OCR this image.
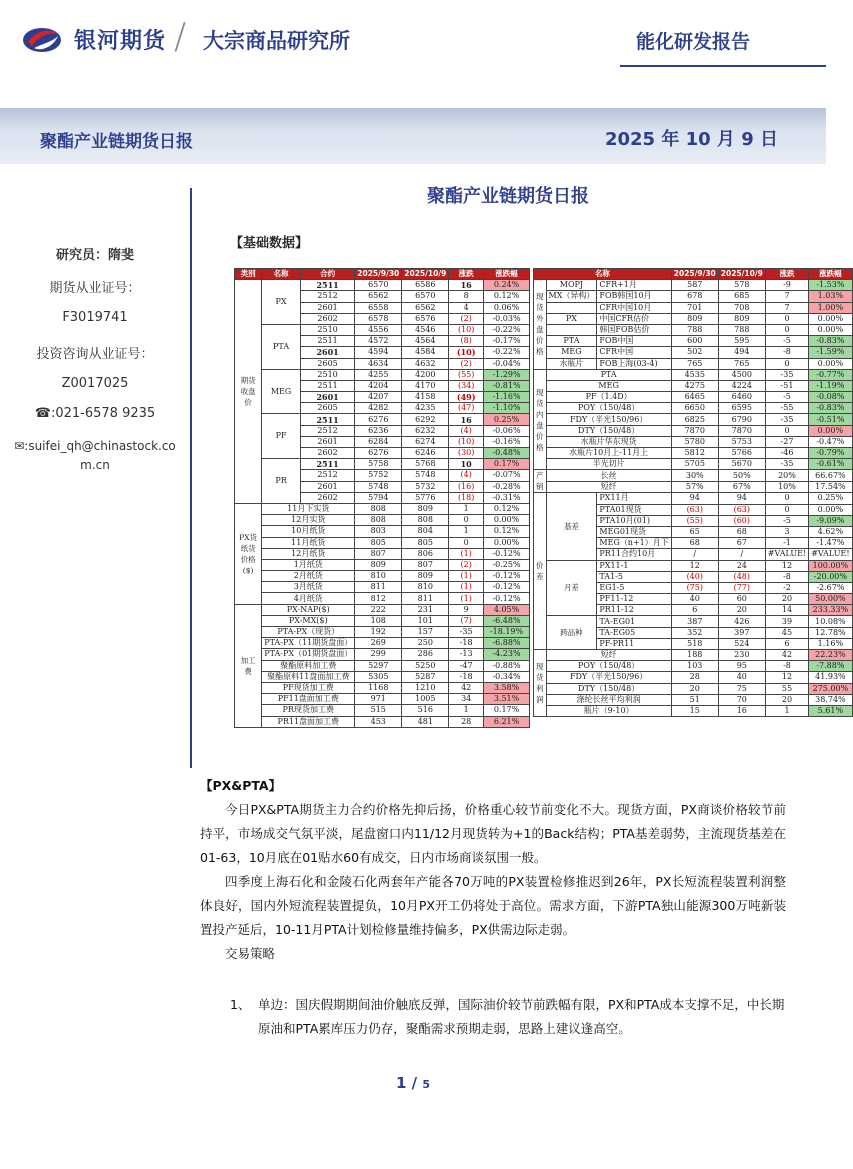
银河期货 / 大宗商品研究所	能化研发报告
聚酯产业链期货日报	2025 年 10 月 9 日
研究员：隋斐
期货从业证号：
F3019741
投资咨询从业证号：
Z0017025
☎:021-6578 9235
✉:suifei_qh@chinastock.co
m.cn
聚酯产业链期货日报
【基础数据】
类别	名称	合约	2025/9/30	2025/10/9	涨跌	涨跌幅
期货收盘价	PX	2511	6570	6586	16	0.24%
		2512	6562	6570	8	0.12%
		2601	6558	6562	4	0.06%
		2602	6578	6576	(2)	-0.03%
	PTA	2510	4556	4546	(10)	-0.22%
		2511	4572	4564	(8)	-0.17%
		2601	4594	4584	(10)	-0.22%
		2605	4634	4632	(2)	-0.04%
	MEG	2510	4255	4200	(55)	-1.29%
		2511	4204	4170	(34)	-0.81%
		2601	4207	4158	(49)	-1.16%
		2605	4282	4235	(47)	-1.10%
	PF	2511	6276	6292	16	0.25%
		2512	6236	6232	(4)	-0.06%
		2601	6284	6274	(10)	-0.16%
		2602	6276	6246	(30)	-0.48%
	PR	2511	5758	5768	10	0.17%
		2512	5752	5748	(4)	-0.07%
		2601	5748	5732	(16)	-0.28%
		2602	5794	5776	(18)	-0.31%
PX货纸货价格($)	11月下实货		808	809	1	0.12%
	12月实货		808	808	0	0.00%
	10月纸货		803	804	1	0.12%
	11月纸货		805	805	0	0.00%
	12月纸货		807	806	(1)	-0.12%
	1月纸货		809	807	(2)	-0.25%
	2月纸货		810	809	(1)	-0.12%
	3月纸货		811	810	(1)	-0.12%
	4月纸货		812	811	(1)	-0.12%
加工费	PX-NAP($)		222	231	9	4.05%
	PX-MX($)		108	101	(7)	-6.48%
	PTA-PX（现货）		192	157	-35	-18.19%
	PTA-PX（11期货盘面）		269	250	-18	-6.88%
	PTA-PX（01期货盘面）		299	286	-13	-4.23%
	聚酯原料加工费		5297	5250	-47	-0.88%
	聚酯原料11盘面加工费		5305	5287	-18	-0.34%
	PF现货加工费		1168	1210	42	3.58%
	PF11盘面加工费		971	1005	34	3.51%
	PR现货加工费		515	516	1	0.17%
	PR11盘面加工费		453	481	28	6.21%
名称			2025/9/30	2025/10/9	涨跌	涨跌幅
现货外盘价格	MOPJ	CFR+1月	587	578	-9	-1.53%
	MX（异构）	FOB韩国10月	678	685	7	1.03%
		CFR中国10月	701	708	7	1.00%
	PX	中国CFR估价	809	809	0	0.00%
		韩国FOB估价	788	788	0	0.00%
	PTA	FOB中国	600	595	-5	-0.83%
	MEG	CFR中国	502	494	-8	-1.59%
	水瓶片	FOB上海(03-4)	765	765	0	0.00%
现货内盘价格	PTA		4535	4500	-35	-0.77%
	MEG		4275	4224	-51	-1.19%
	PF（1.4D）		6465	6460	-5	-0.08%
	POY（150/48）		6650	6595	-55	-0.83%
	FDY（半光150/96）		6825	6790	-35	-0.51%
	DTY（150/48）		7870	7870	0	0.00%
	水瓶片华东现货		5780	5753	-27	-0.47%
	水瓶片10月上-11月上		5812	5766	-46	-0.79%
	半光切片		5705	5670	-35	-0.61%
产销	长丝		30%	50%	20%	66.67%
	短纤		57%	67%	10%	17.54%
价差	基差	PX11月	94	94	0	0.25%
		PTA01现货	(63)	(63)	0	0.00%
		PTA10月(01)	(55)	(60)	-5	-9.09%
		MEG01现货	65	68	3	4.62%
		MEG（n+1）月下	68	67	-1	-1.47%
		PR11合约10月	/	/	#VALUE!	#VALUE!
	月差	PX11-1	12	24	12	100.00%
		TA1-5	(40)	(48)	-8	-20.00%
		EG1-5	(75)	(77)	-2	-2.67%
		PF11-12	40	60	20	50.00%
		PR11-12	6	20	14	233.33%
	跨品种	TA-EG01	387	426	39	10.08%
		TA-EG05	352	397	45	12.78%
		PF-PR11	518	524	6	1.16%
现货利润	短纤		188	230	42	22.23%
	POY（150/48）		103	95	-8	-7.88%
	FDY（半光150/96）		28	40	12	41.93%
	DTY（150/48）		20	75	55	275.00%
	涤纶长丝平均利润		51	70	20	38.74%
	瓶片（9-10）		15	16	1	5.61%
【PX&PTA】

今日PX&PTA期货主力合约价格先抑后扬，价格重心较节前变化不大。现货方面，PX商谈价格较节前持平，市场成交气氛平淡，尾盘窗口内11/12月现货转为+1的Back结构；PTA基差弱势，主流现货基差在01-63，10月底在01贴水60有成交，日内市场商谈氛围一般。

四季度上海石化和金陵石化两套年产能各70万吨的PX装置检修推迟到26年，PX长短流程装置利润整体良好，国内外短流程装置提负，10月PX开工仍将处于高位。需求方面，下游PTA独山能源300万吨新装置投产延后，10-11月PTA计划检修量维持偏多，PX供需边际走弱。

交易策略

1、 单边：国庆假期期间油价触底反弹，国际油价较节前跌幅有限，PX和PTA成本支撑不足，中长期原油和PTA累库压力仍存，聚酯需求预期走弱，思路上建议逢高空。
1 / 5
